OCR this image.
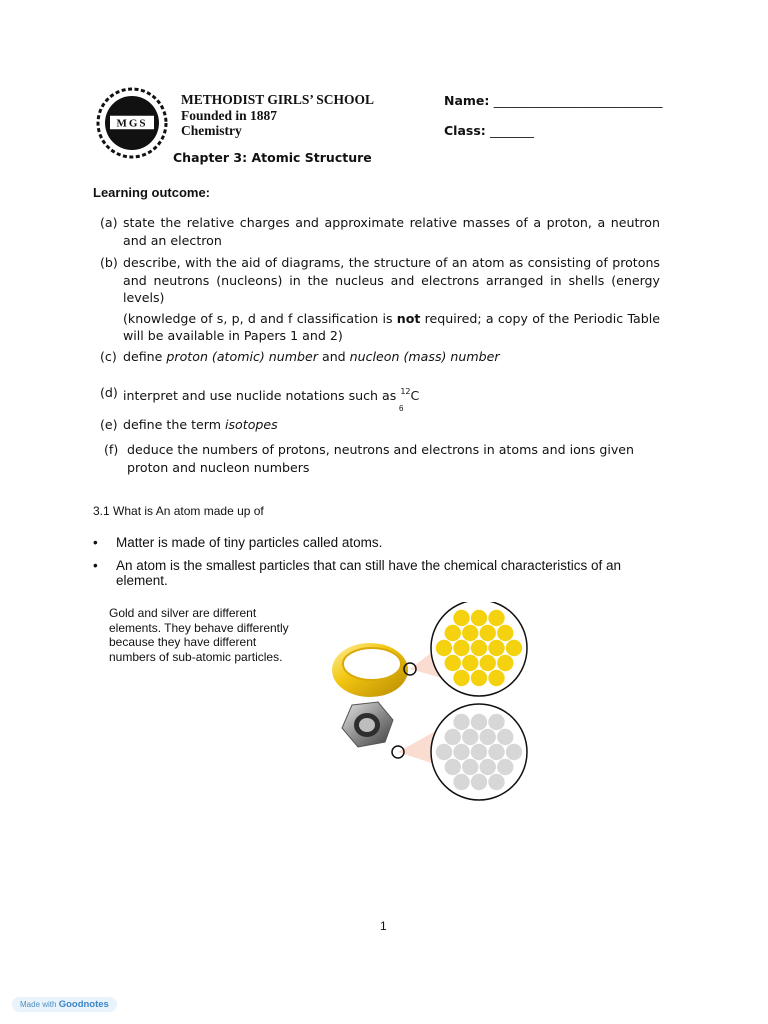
MGS
METHODIST GIRLS’ SCHOOL
Founded in 1887
Chemistry
Name: ___________________________
Class: _______
Chapter 3: Atomic Structure
Learning outcome:
(a) state the relative charges and approximate relative masses of a proton, a neutron and an electron
(b) describe, with the aid of diagrams, the structure of an atom as consisting of protons and neutrons (nucleons) in the nucleus and electrons arranged in shells (energy levels)
(knowledge of s, p, d and f classification is not required; a copy of the Periodic Table will be available in Papers 1 and 2)
(c) define proton (atomic) number and nucleon (mass) number
(d) interpret and use nuclide notations such as $^{12}$C
6
(e) define the term isotopes
(f) deduce the numbers of protons, neutrons and electrons in atoms and ions given proton and nucleon numbers
3.1 What is An atom made up of
• Matter is made of tiny particles called atoms.
• An atom is the smallest particles that can still have the chemical characteristics of an element.
Gold and silver are different elements. They behave differently because they have different numbers of sub-atomic particles.
1
Made with Goodnotes
